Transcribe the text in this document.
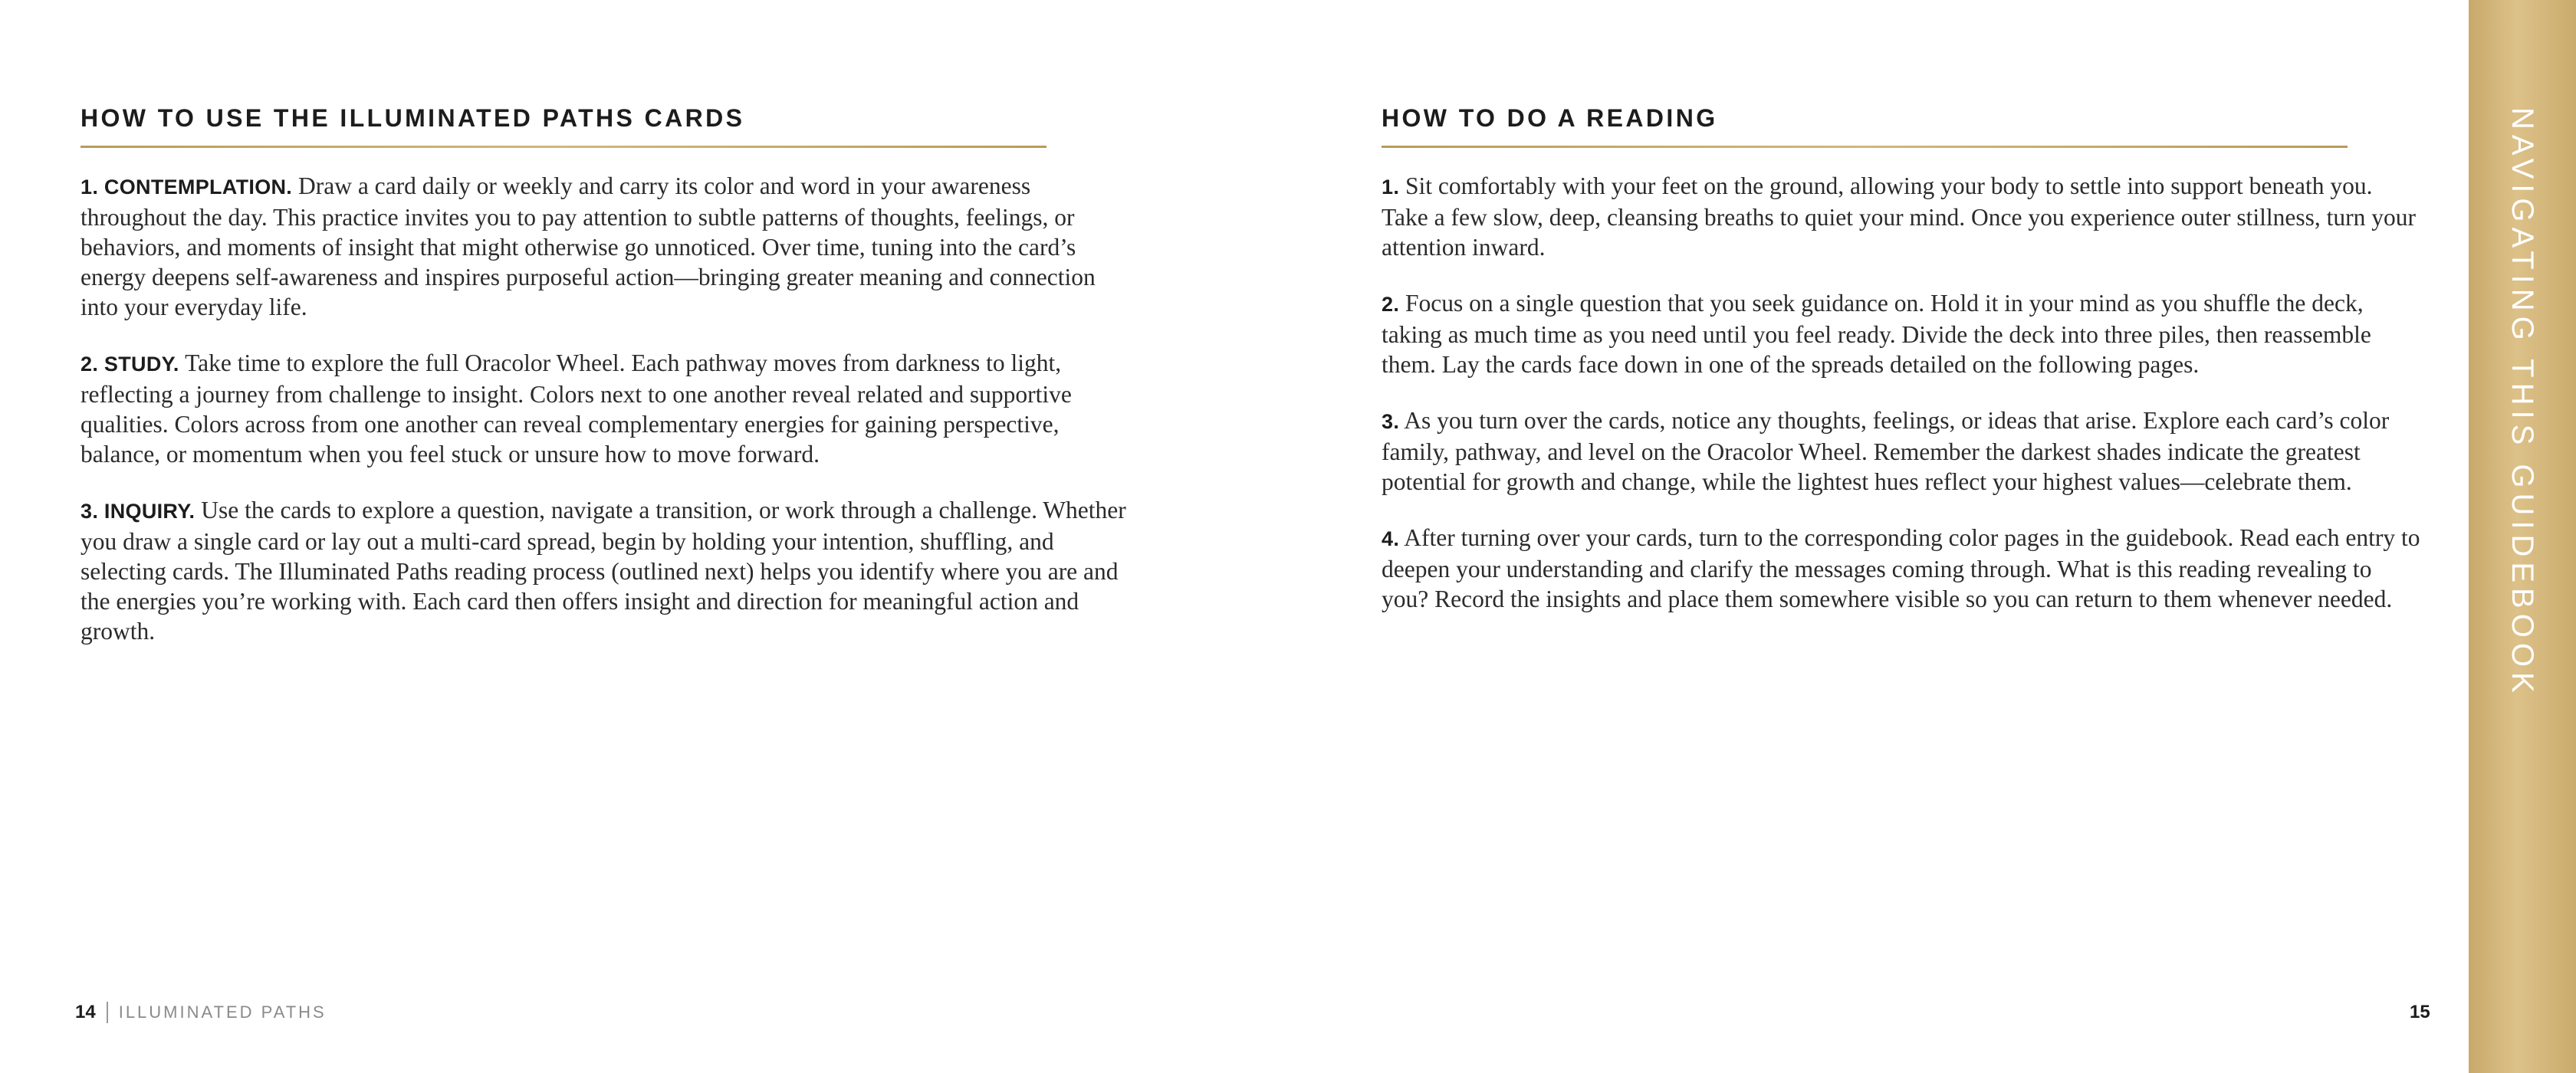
HOW TO USE THE ILLUMINATED PATHS CARDS

1. CONTEMPLATION. Draw a card daily or weekly and carry its color and word in your awareness throughout the day. This practice invites you to pay attention to subtle patterns of thoughts, feelings, or behaviors, and moments of insight that might otherwise go unnoticed. Over time, tuning into the card’s energy deepens self-awareness and inspires purposeful action—bringing greater meaning and connection into your everyday life.

2. STUDY. Take time to explore the full Oracolor Wheel. Each pathway moves from darkness to light, reflecting a journey from challenge to insight. Colors next to one another reveal related and supportive qualities. Colors across from one another can reveal complementary energies for gaining perspective, balance, or momentum when you feel stuck or unsure how to move forward.

3. INQUIRY. Use the cards to explore a question, navigate a transition, or work through a challenge. Whether you draw a single card or lay out a multi-card spread, begin by holding your intention, shuffling, and selecting cards. The Illuminated Paths reading process (outlined next) helps you identify where you are and the energies you’re working with. Each card then offers insight and direction for meaningful action and growth.

HOW TO DO A READING

1. Sit comfortably with your feet on the ground, allowing your body to settle into support beneath you. Take a few slow, deep, cleansing breaths to quiet your mind. Once you experience outer stillness, turn your attention inward.

2. Focus on a single question that you seek guidance on. Hold it in your mind as you shuffle the deck, taking as much time as you need until you feel ready. Divide the deck into three piles, then reassemble them. Lay the cards face down in one of the spreads detailed on the following pages.

3. As you turn over the cards, notice any thoughts, feelings, or ideas that arise. Explore each card’s color family, pathway, and level on the Oracolor Wheel. Remember the darkest shades indicate the greatest potential for growth and change, while the lightest hues reflect your highest values—celebrate them.

4. After turning over your cards, turn to the corresponding color pages in the guidebook. Read each entry to deepen your understanding and clarify the messages coming through. What is this reading revealing to you? Record the insights and place them somewhere visible so you can return to them whenever needed.

14 ILLUMINATED PATHS	15
NAVIGATING THIS GUIDEBOOK
